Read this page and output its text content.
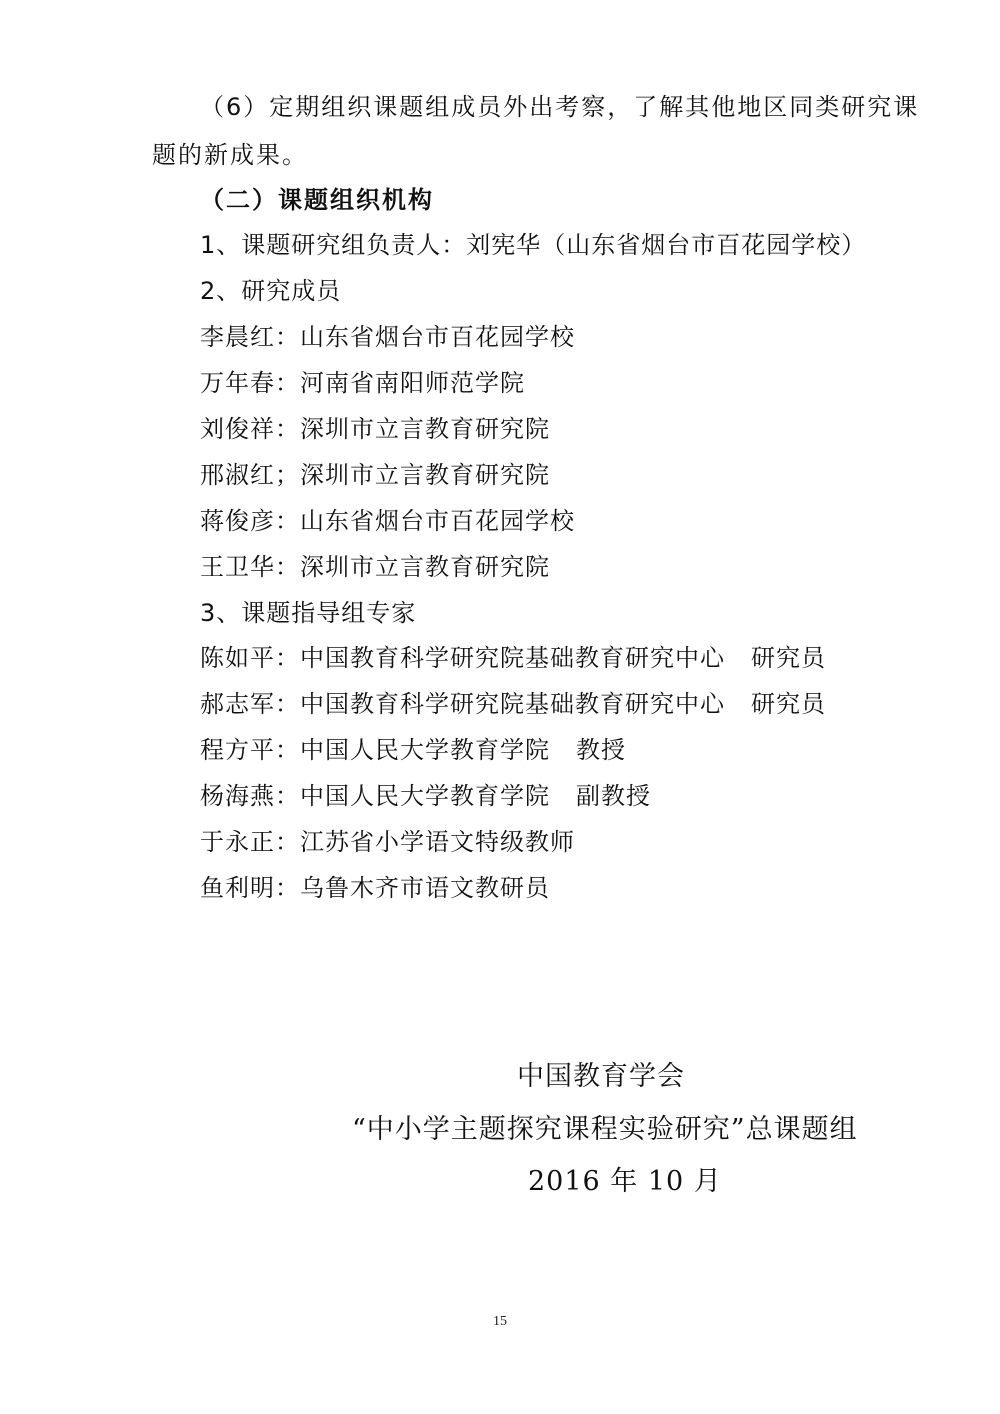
（6）定期组织课题组成员外出考察，了解其他地区同类研究课
题的新成果。
（二）课题组织机构
1、课题研究组负责人：刘宪华（山东省烟台市百花园学校）
2、研究成员
李晨红：山东省烟台市百花园学校
万年春：河南省南阳师范学院
刘俊祥：深圳市立言教育研究院
邢淑红；深圳市立言教育研究院
蒋俊彦：山东省烟台市百花园学校
王卫华：深圳市立言教育研究院
3、课题指导组专家
陈如平：中国教育科学研究院基础教育研究中心 研究员
郝志军：中国教育科学研究院基础教育研究中心 研究员
程方平：中国人民大学教育学院 教授
杨海燕：中国人民大学教育学院 副教授
于永正：江苏省小学语文特级教师
鱼利明：乌鲁木齐市语文教研员
中国教育学会
“中小学主题探究课程实验研究”总课题组
2016 年 10 月
15
